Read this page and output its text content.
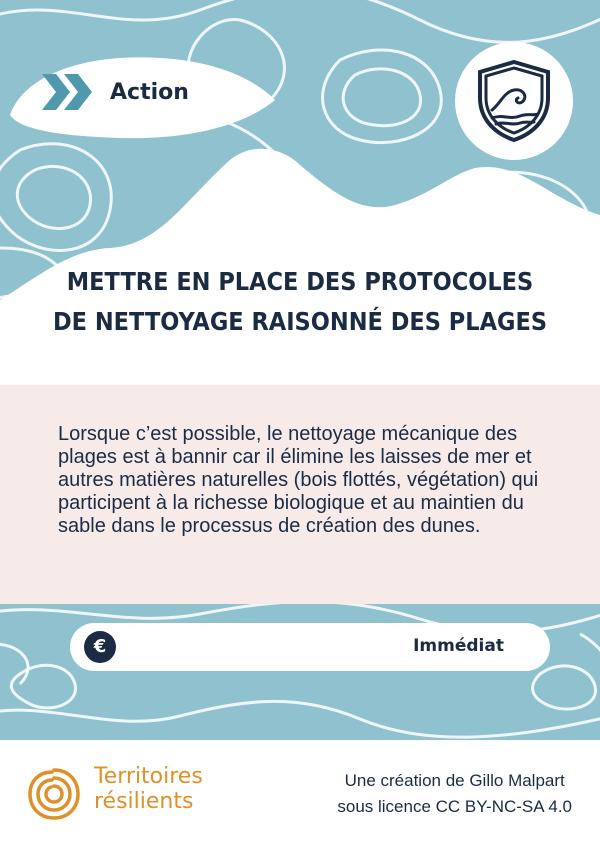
Action
METTRE EN PLACE DES PROTOCOLES
DE NETTOYAGE RAISONNÉ DES PLAGES
Lorsque c’est possible, le nettoyage mécanique des plages est à bannir car il élimine les laisses de mer et autres matières naturelles (bois flottés, végétation) qui participent à la richesse biologique et au maintien du sable dans le processus de création des dunes.
€	Immédiat
Territoires
résilients
Une création de Gillo Malpart
sous licence CC BY-NC-SA 4.0
